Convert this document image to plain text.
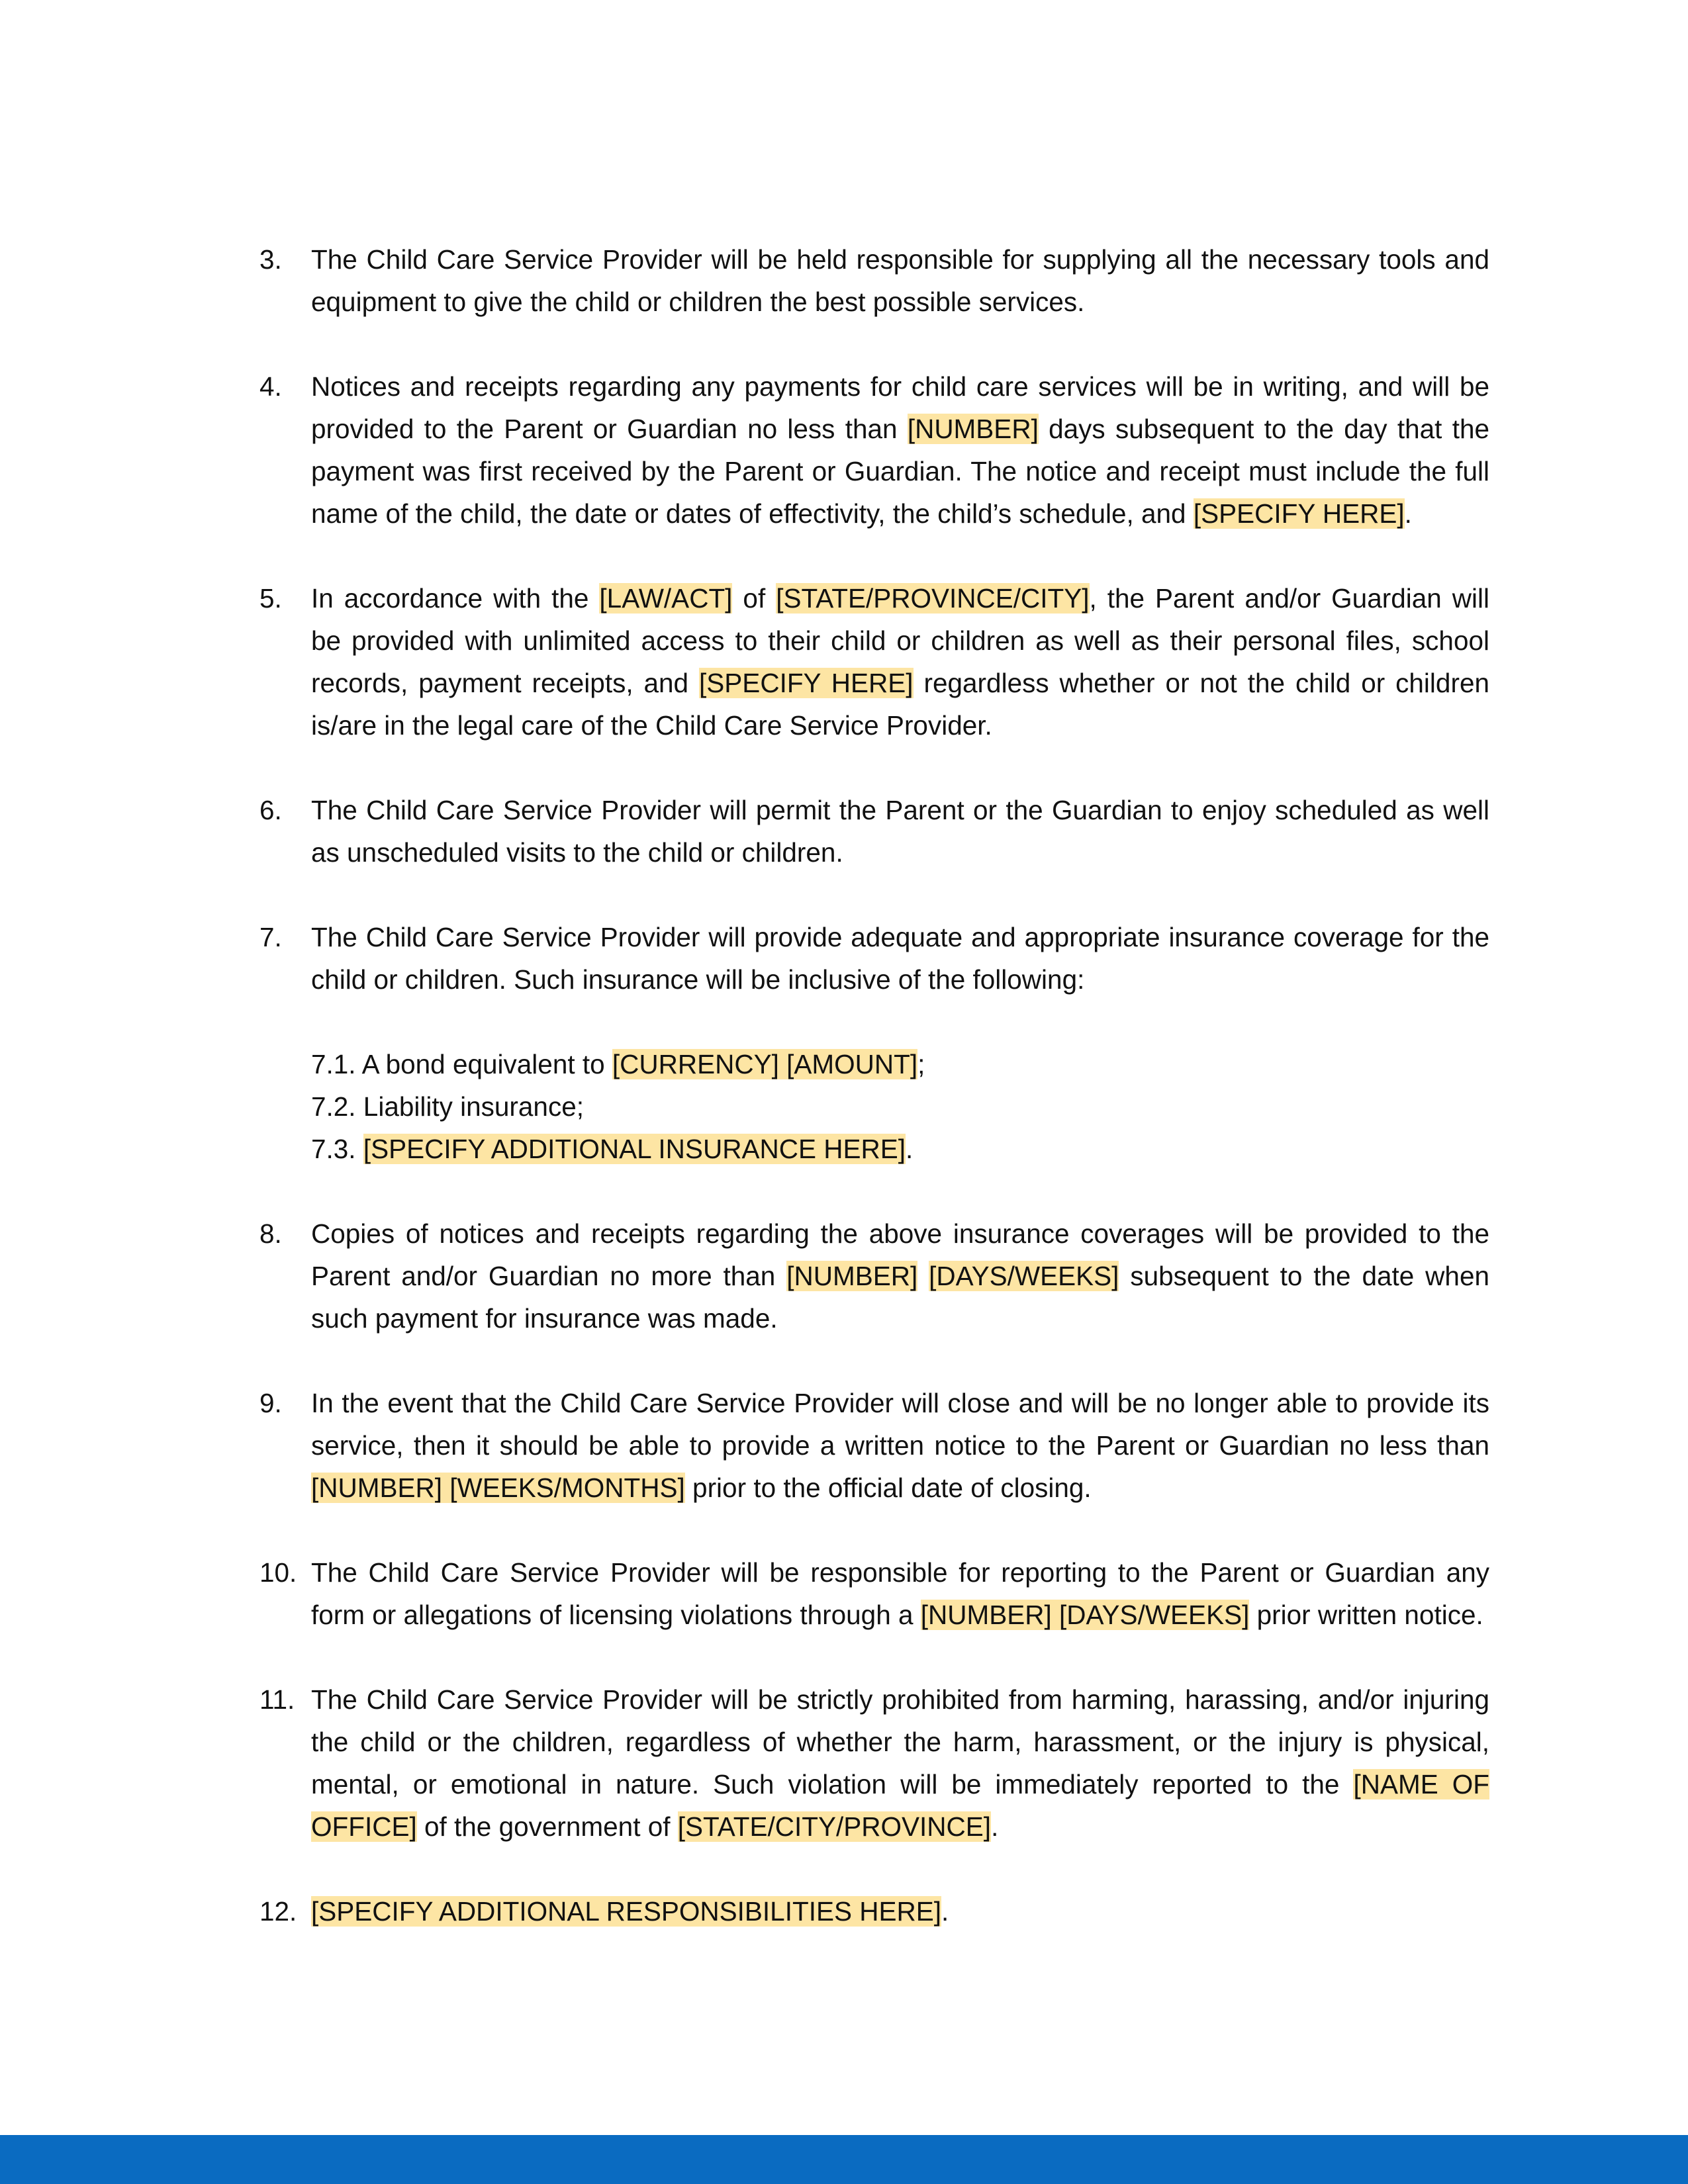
3. The Child Care Service Provider will be held responsible for supplying all the necessary tools and equipment to give the child or children the best possible services.
4. Notices and receipts regarding any payments for child care services will be in writing, and will be provided to the Parent or Guardian no less than [NUMBER] days subsequent to the day that the payment was first received by the Parent or Guardian. The notice and receipt must include the full name of the child, the date or dates of effectivity, the child’s schedule, and [SPECIFY HERE].
5. In accordance with the [LAW/ACT] of [STATE/PROVINCE/CITY], the Parent and/or Guardian will be provided with unlimited access to their child or children as well as their personal files, school records, payment receipts, and [SPECIFY HERE] regardless whether or not the child or children is/are in the legal care of the Child Care Service Provider.
6. The Child Care Service Provider will permit the Parent or the Guardian to enjoy scheduled as well as unscheduled visits to the child or children.
7. The Child Care Service Provider will provide adequate and appropriate insurance coverage for the child or children. Such insurance will be inclusive of the following:
7.1. A bond equivalent to [CURRENCY] [AMOUNT];
7.2. Liability insurance;
7.3. [SPECIFY ADDITIONAL INSURANCE HERE].
8. Copies of notices and receipts regarding the above insurance coverages will be provided to the Parent and/or Guardian no more than [NUMBER] [DAYS/WEEKS] subsequent to the date when such payment for insurance was made.
9. In the event that the Child Care Service Provider will close and will be no longer able to provide its service, then it should be able to provide a written notice to the Parent or Guardian no less than [NUMBER] [WEEKS/MONTHS] prior to the official date of closing.
10. The Child Care Service Provider will be responsible for reporting to the Parent or Guardian any form or allegations of licensing violations through a [NUMBER] [DAYS/WEEKS] prior written notice.
11. The Child Care Service Provider will be strictly prohibited from harming, harassing, and/or injuring the child or the children, regardless of whether the harm, harassment, or the injury is physical, mental, or emotional in nature. Such violation will be immediately reported to the [NAME OF OFFICE] of the government of [STATE/CITY/PROVINCE].
12. [SPECIFY ADDITIONAL RESPONSIBILITIES HERE].
